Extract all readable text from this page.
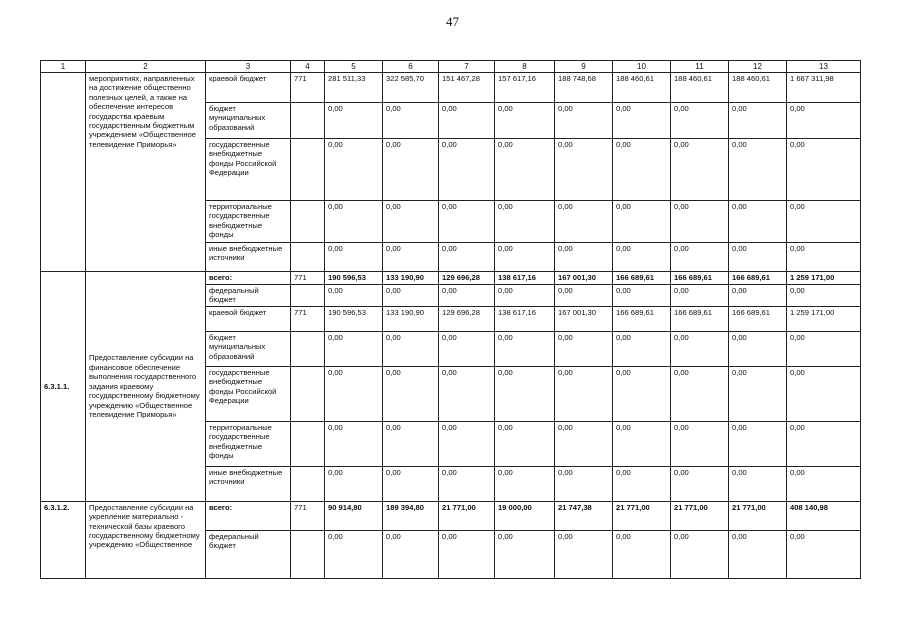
47
1	2	3	4	5	6	7	8	9	10	11	12	13
	мероприятиях, направленных на достижение общественно полезных целей, а также на обеспечение интересов государства краевым государственным бюджетным учреждением «Общественное телевидение Приморья»	краевой бюджет	771	281 511,33	322 585,70	151 467,28	157 617,16	188 748,68	188 460,61	188 460,61	188 460,61	1 667 311,98
		бюджет муниципальных образований		0,00	0,00	0,00	0,00	0,00	0,00	0,00	0,00	0,00
		государственные внебюджетные фонды Российской Федерации		0,00	0,00	0,00	0,00	0,00	0,00	0,00	0,00	0,00
		территориальные государственные внебюджетные фонды		0,00	0,00	0,00	0,00	0,00	0,00	0,00	0,00	0,00
		иные внебюджетные источники		0,00	0,00	0,00	0,00	0,00	0,00	0,00	0,00	0,00
6.3.1.1.	Предоставление субсидии на финансовое обеспечение выполнения государственного задания краевому государственному бюджетному учреждению «Общественное телевидение Приморья»	всего:	771	190 596,53	133 190,90	129 696,28	138 617,16	167 001,30	166 689,61	166 689,61	166 689,61	1 259 171,00
		федеральный бюджет		0,00	0,00	0,00	0,00	0,00	0,00	0,00	0,00	0,00
		краевой бюджет	771	190 596,53	133 190,90	129 696,28	138 617,16	167 001,30	166 689,61	166 689,61	166 689,61	1 259 171,00
		бюджет муниципальных образований		0,00	0,00	0,00	0,00	0,00	0,00	0,00	0,00	0,00
		государственные внебюджетные фонды Российской Федерации		0,00	0,00	0,00	0,00	0,00	0,00	0,00	0,00	0,00
		территориальные государственные внебюджетные фонды		0,00	0,00	0,00	0,00	0,00	0,00	0,00	0,00	0,00
		иные внебюджетные источники		0,00	0,00	0,00	0,00	0,00	0,00	0,00	0,00	0,00
6.3.1.2.	Предоставление субсидии на укрепление материально - технической базы краевого государственному бюджетному учреждению «Общественное	всего:	771	90 914,80	189 394,80	21 771,00	19 000,00	21 747,38	21 771,00	21 771,00	21 771,00	408 140,98
		федеральный бюджет		0,00	0,00	0,00	0,00	0,00	0,00	0,00	0,00	0,00
